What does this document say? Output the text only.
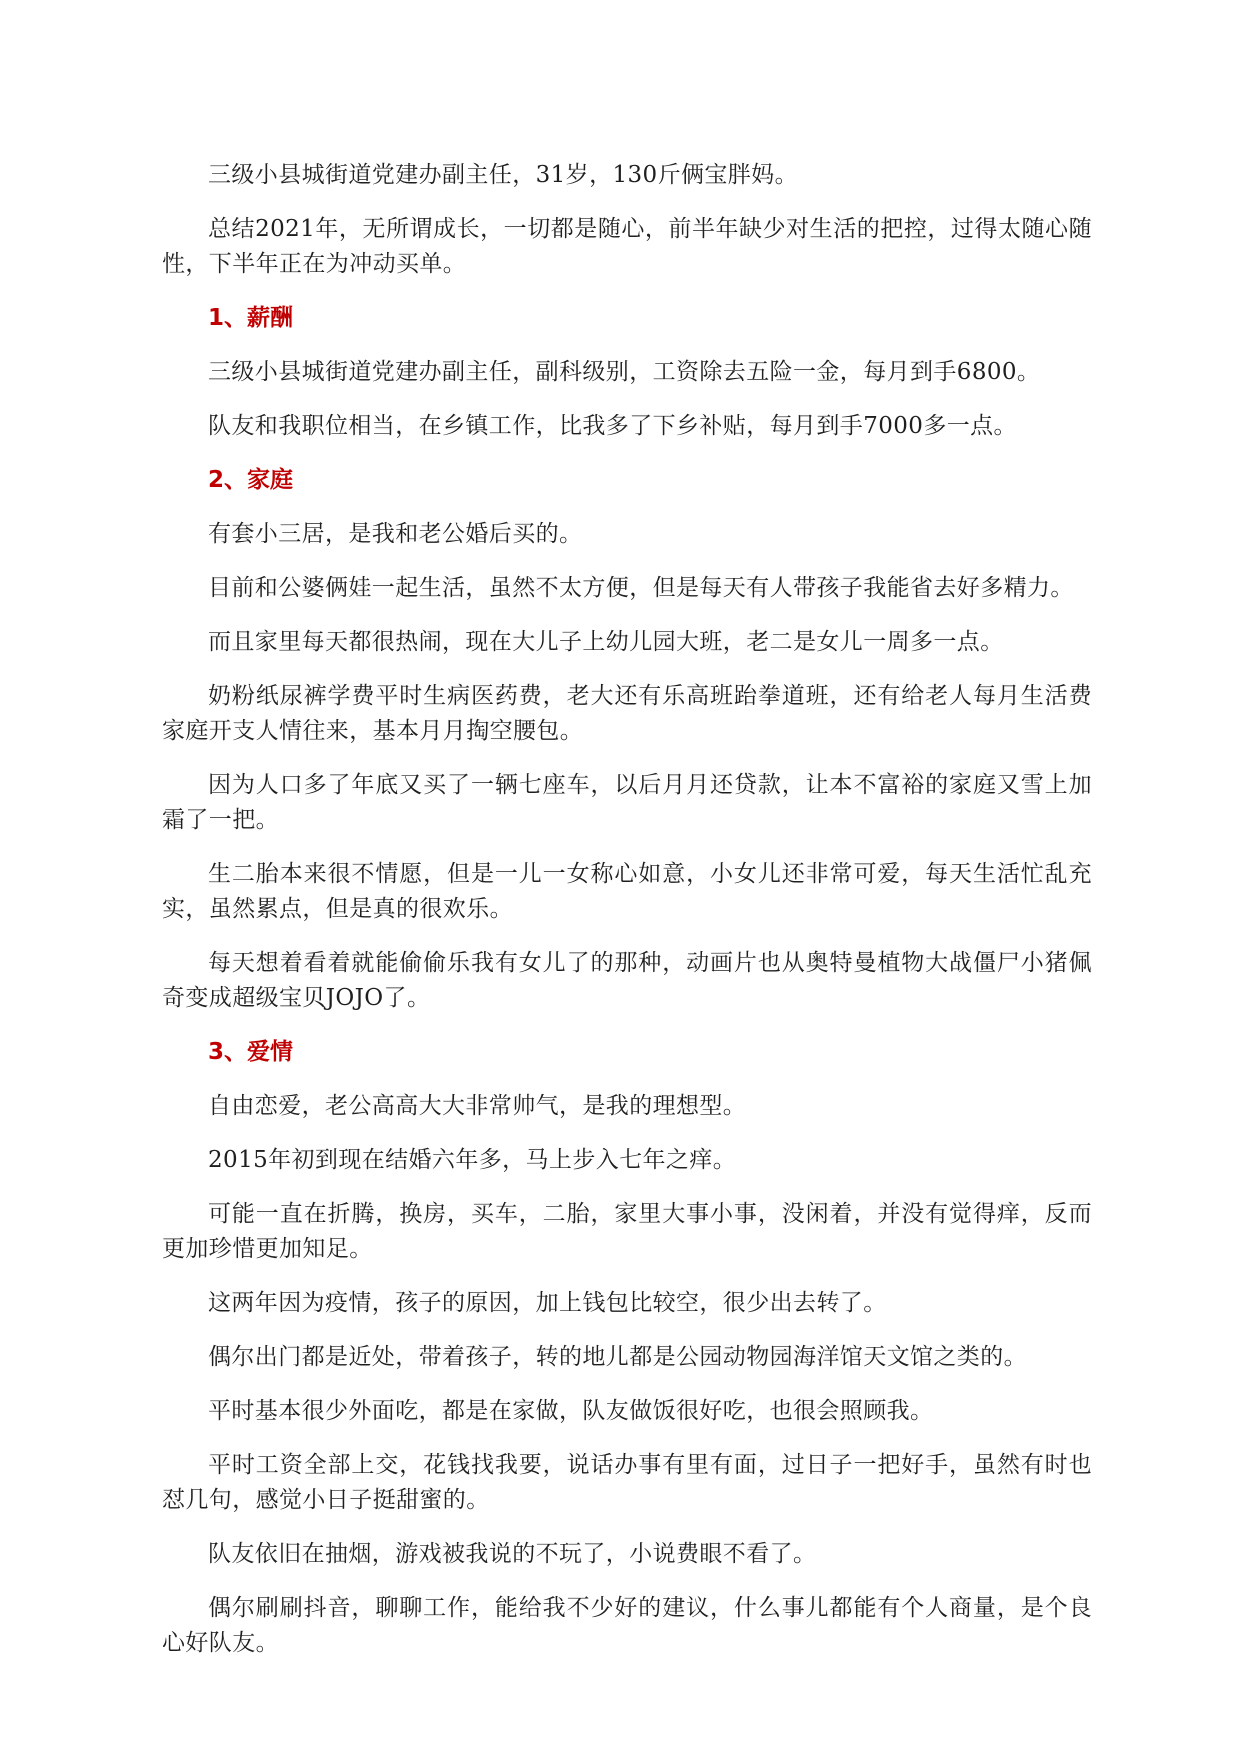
三级小县城街道党建办副主任，31岁，130斤俩宝胖妈。

总结2021年，无所谓成长，一切都是随心，前半年缺少对生活的把控，过得太随心随性，下半年正在为冲动买单。

1、薪酬

三级小县城街道党建办副主任，副科级别，工资除去五险一金，每月到手6800。

队友和我职位相当，在乡镇工作，比我多了下乡补贴，每月到手7000多一点。

2、家庭

有套小三居，是我和老公婚后买的。

目前和公婆俩娃一起生活，虽然不太方便，但是每天有人带孩子我能省去好多精力。

而且家里每天都很热闹，现在大儿子上幼儿园大班，老二是女儿一周多一点。

奶粉纸尿裤学费平时生病医药费，老大还有乐高班跆拳道班，还有给老人每月生活费家庭开支人情往来，基本月月掏空腰包。

因为人口多了年底又买了一辆七座车，以后月月还贷款，让本不富裕的家庭又雪上加霜了一把。

生二胎本来很不情愿，但是一儿一女称心如意，小女儿还非常可爱，每天生活忙乱充实，虽然累点，但是真的很欢乐。

每天想着看着就能偷偷乐我有女儿了的那种，动画片也从奥特曼植物大战僵尸小猪佩奇变成超级宝贝JOJO了。

3、爱情

自由恋爱，老公高高大大非常帅气，是我的理想型。

2015年初到现在结婚六年多，马上步入七年之痒。

可能一直在折腾，换房，买车，二胎，家里大事小事，没闲着，并没有觉得痒，反而更加珍惜更加知足。

这两年因为疫情，孩子的原因，加上钱包比较空，很少出去转了。

偶尔出门都是近处，带着孩子，转的地儿都是公园动物园海洋馆天文馆之类的。

平时基本很少外面吃，都是在家做，队友做饭很好吃，也很会照顾我。

平时工资全部上交，花钱找我要，说话办事有里有面，过日子一把好手，虽然有时也怼几句，感觉小日子挺甜蜜的。

队友依旧在抽烟，游戏被我说的不玩了，小说费眼不看了。

偶尔刷刷抖音，聊聊工作，能给我不少好的建议，什么事儿都能有个人商量，是个良心好队友。
